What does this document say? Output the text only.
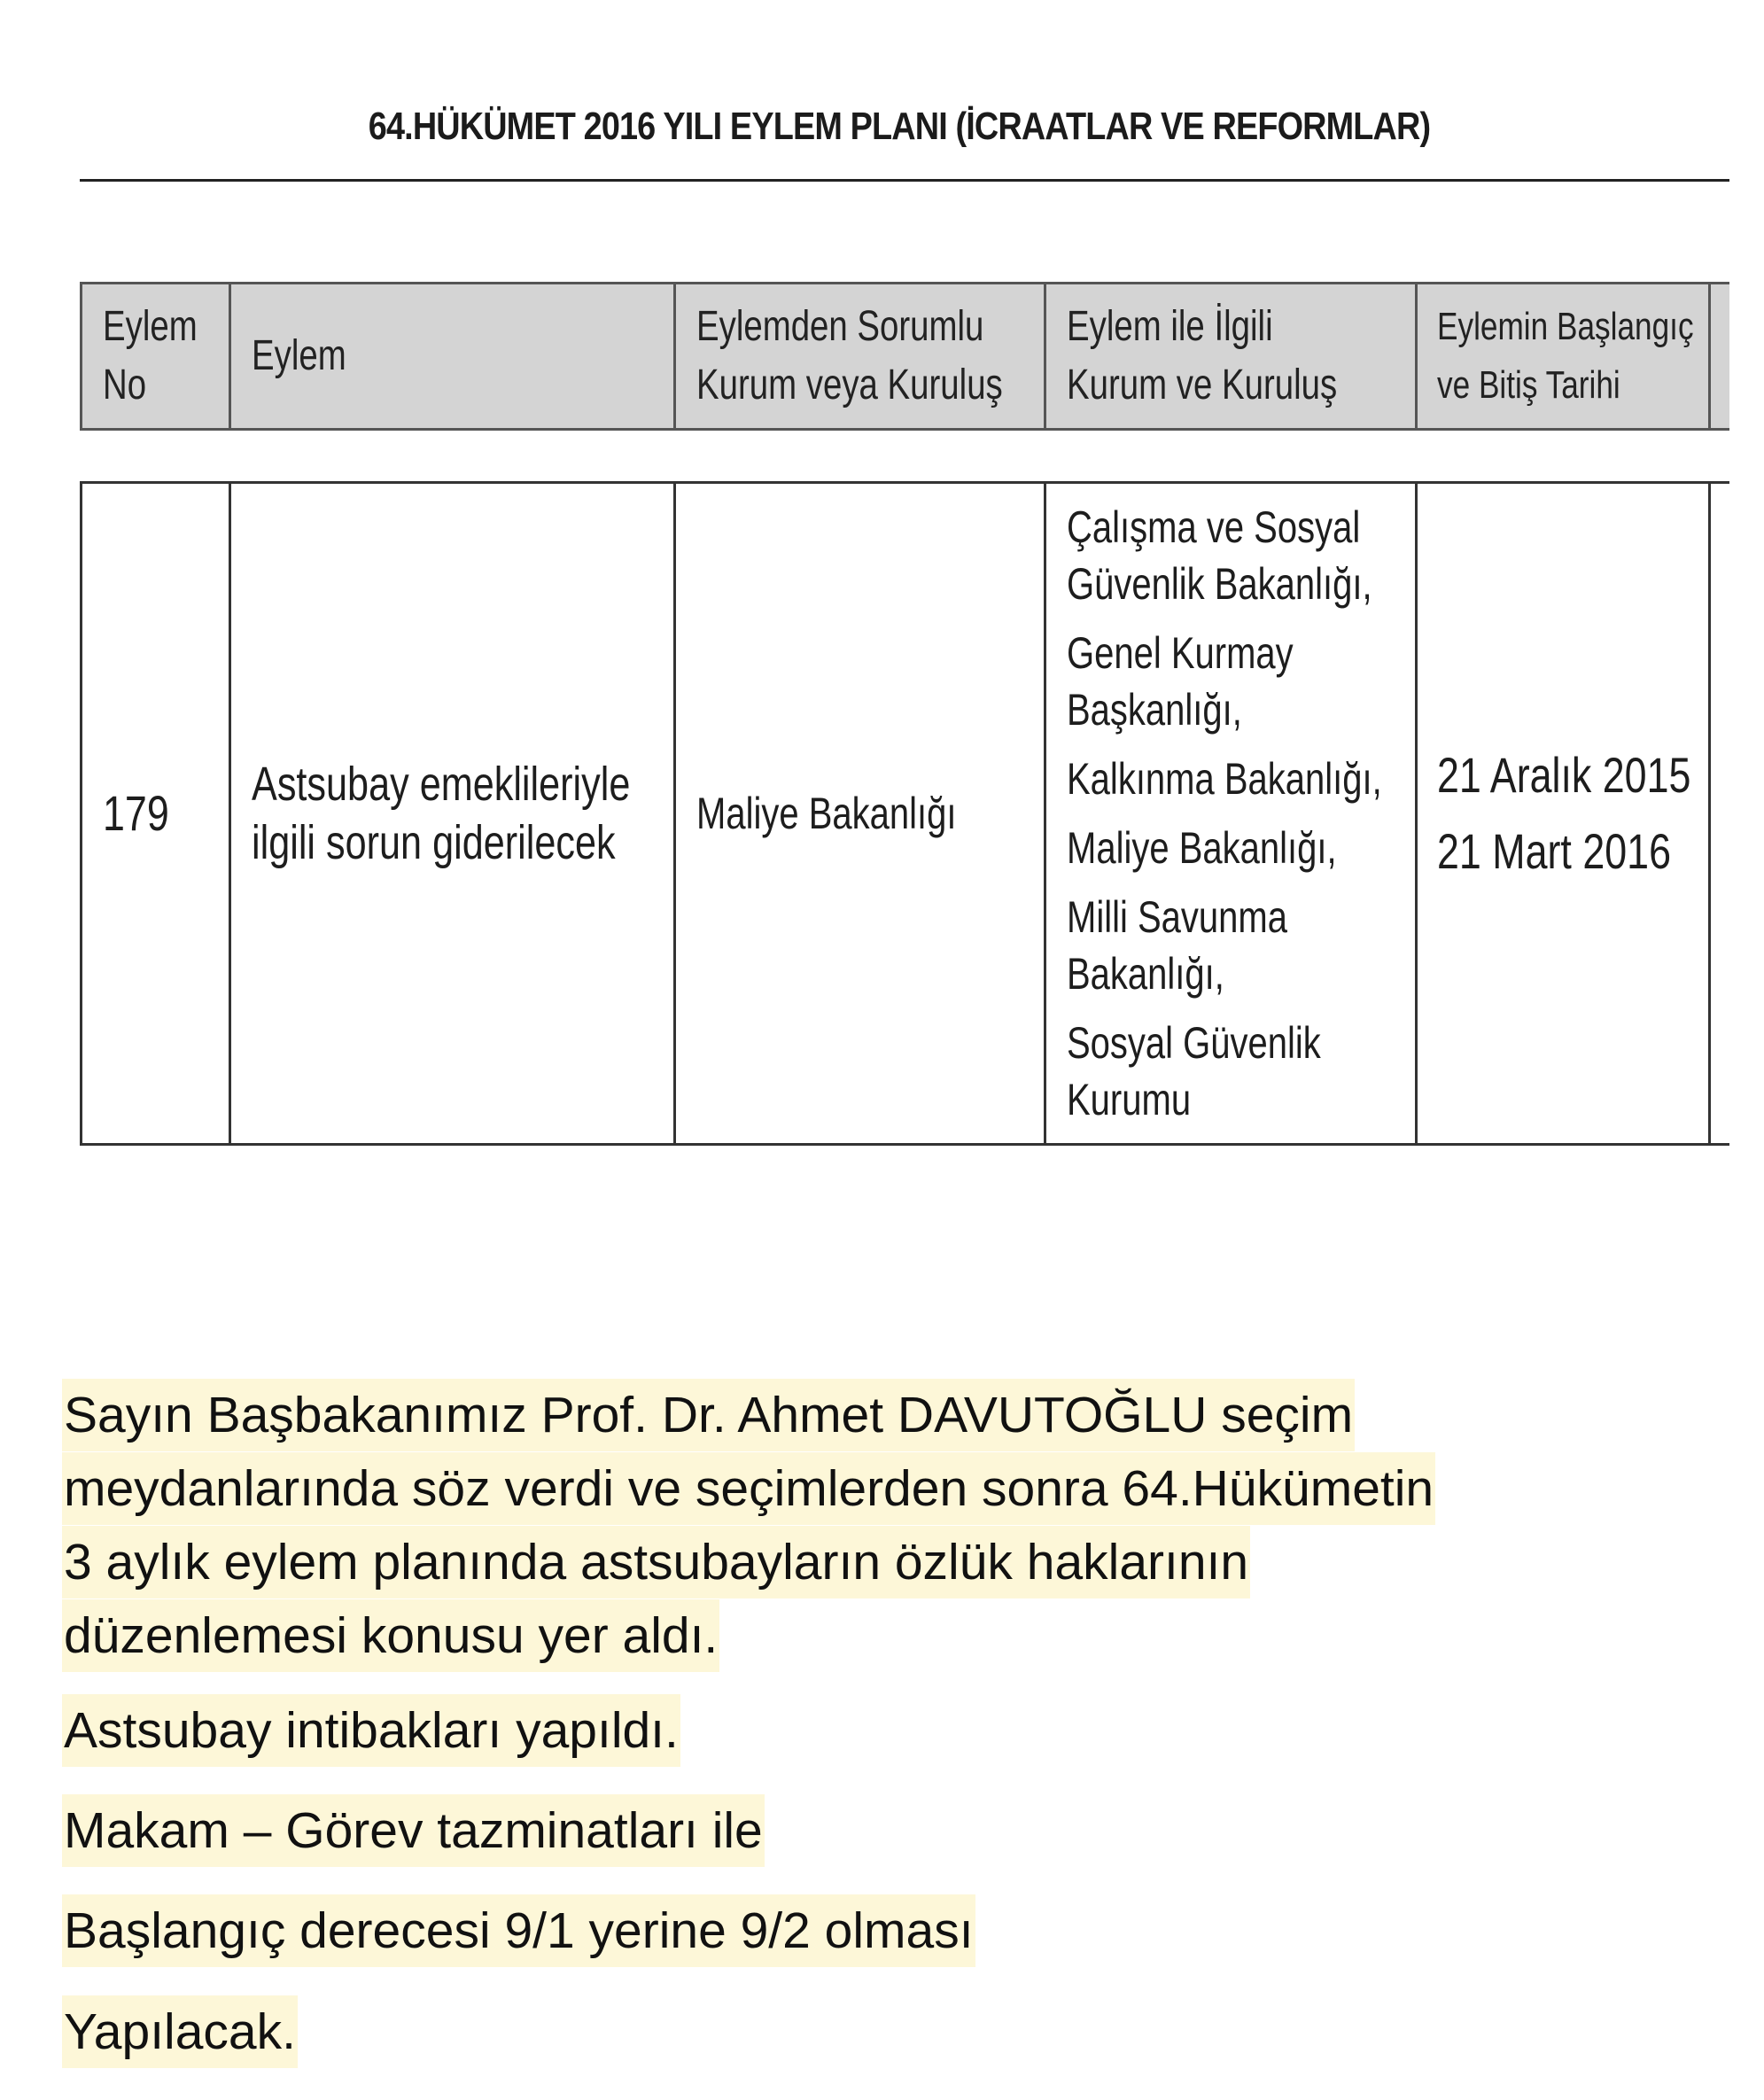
64.HÜKÜMET 2016 YILI EYLEM PLANI (İCRAATLAR VE REFORMLAR)
Eylem
No
Eylem
Eylemden Sorumlu
Kurum veya Kuruluş
Eylem ile İlgili
Kurum ve Kuruluş
Eylemin Başlangıç
ve Bitiş Tarihi
179
Astsubay emeklileriyle
ilgili sorun giderilecek
Maliye Bakanlığı
Çalışma ve Sosyal
Güvenlik Bakanlığı,
Genel Kurmay
Başkanlığı,
Kalkınma Bakanlığı,
Maliye Bakanlığı,
Milli Savunma
Bakanlığı,
Sosyal Güvenlik
Kurumu
21 Aralık 2015
21 Mart 2016
Sayın Başbakanımız Prof. Dr. Ahmet DAVUTOĞLU seçim
meydanlarında söz verdi ve seçimlerden sonra 64.Hükümetin
3 aylık eylem planında astsubayların özlük haklarının
düzenlemesi konusu yer aldı.
Astsubay intibakları yapıldı.
Makam – Görev tazminatları ile
Başlangıç derecesi 9/1 yerine 9/2 olması
Yapılacak.
